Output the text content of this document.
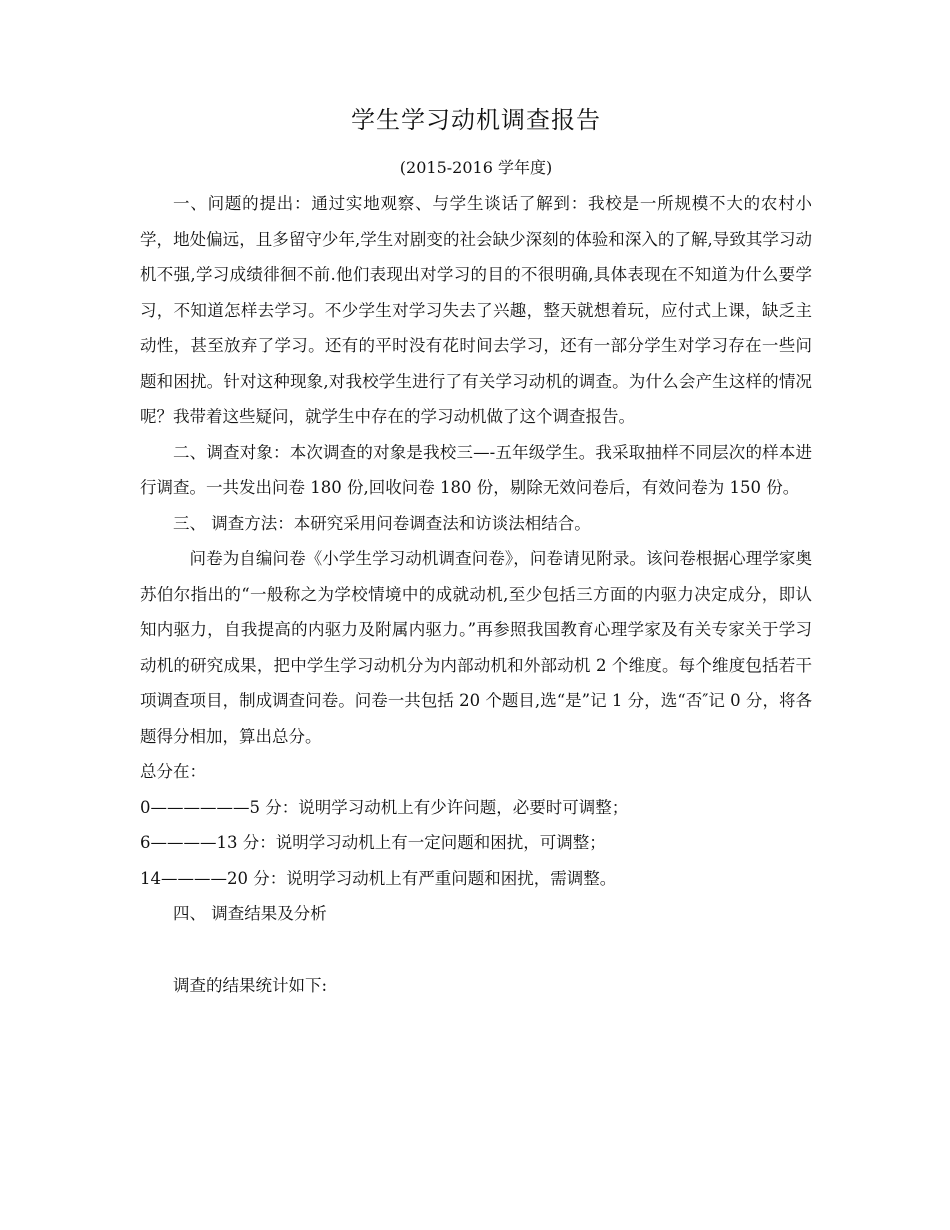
学生学习动机调查报告
(2015-2016 学年度)

一、问题的提出：通过实地观察、与学生谈话了解到：我校是一所规模不大的农村小学，地处偏远，且多留守少年,学生对剧变的社会缺少深刻的体验和深入的了解,导致其学习动机不强,学习成绩徘徊不前.他们表现出对学习的目的不很明确,具体表现在不知道为什么要学习，不知道怎样去学习。不少学生对学习失去了兴趣，整天就想着玩，应付式上课，缺乏主动性，甚至放弃了学习。还有的平时没有花时间去学习，还有一部分学生对学习存在一些问题和困扰。针对这种现象,对我校学生进行了有关学习动机的调查。为什么会产生这样的情况呢？我带着这些疑问，就学生中存在的学习动机做了这个调查报告。

二、调查对象：本次调查的对象是我校三—-五年级学生。我采取抽样不同层次的样本进行调查。一共发出问卷 180 份,回收问卷 180 份，剔除无效问卷后，有效问卷为 150 份。

三、 调查方法：本研究采用问卷调查法和访谈法相结合。

问卷为自编问卷《小学生学习动机调查问卷》，问卷请见附录。该问卷根据心理学家奥苏伯尔指出的“一般称之为学校情境中的成就动机,至少包括三方面的内驱力决定成分，即认知内驱力，自我提高的内驱力及附属内驱力。”再参照我国教育心理学家及有关专家关于学习动机的研究成果，把中学生学习动机分为内部动机和外部动机 2 个维度。每个维度包括若干项调查项目，制成调查问卷。问卷一共包括 20 个题目,选“是”记 1 分，选“否″记 0 分，将各题得分相加，算出总分。

总分在：

0——————5 分：说明学习动机上有少许问题，必要时可调整；

6————13 分：说明学习动机上有一定问题和困扰，可调整；

14————20 分：说明学习动机上有严重问题和困扰，需调整。

四、 调查结果及分析

调查的结果统计如下:
